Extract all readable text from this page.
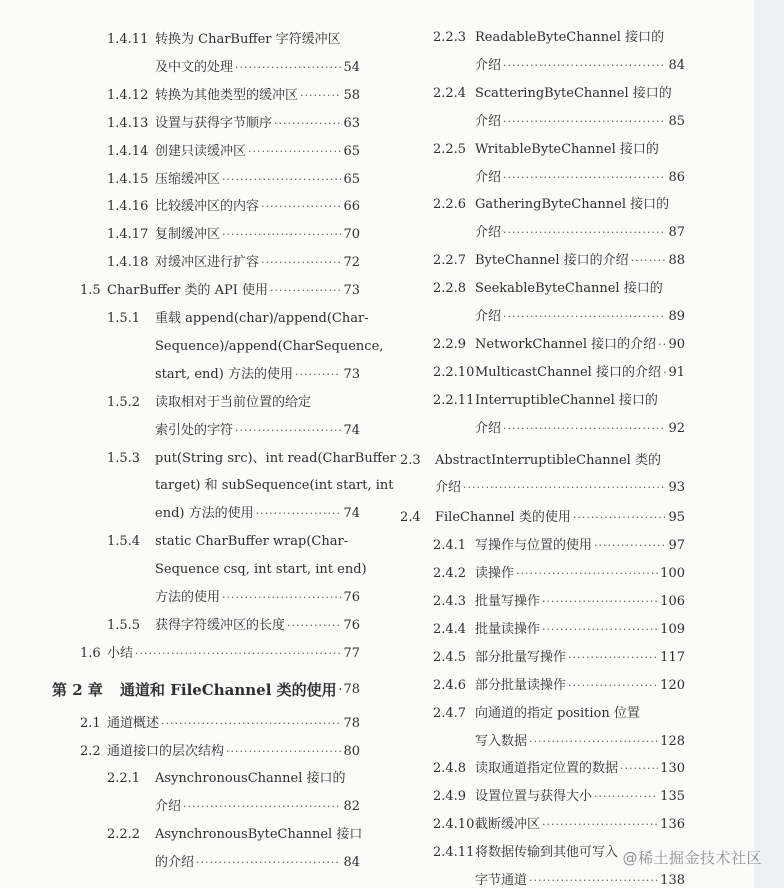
1.4.11 转换为 CharBuffer 字符缓冲区
及中文的处理 ·····	54
1.4.12 转换为其他类型的缓冲区 ·····	58
1.4.13 设置与获得字节顺序 ·····	63
1.4.14 创建只读缓冲区 ·····	65
1.4.15 压缩缓冲区 ·····	65
1.4.16 比较缓冲区的内容 ·····	66
1.4.17 复制缓冲区 ·····	70
1.4.18 对缓冲区进行扩容 ·····	72
1.5 CharBuffer 类的 API 使用 ·····	73
1.5.1 重载 append(char)/append(Char-
Sequence)/append(CharSequence,
start, end) 方法的使用 ·····	73
1.5.2 读取相对于当前位置的给定
索引处的字符 ·····	74
1.5.3 put(String src)、int read(CharBuffer
target) 和 subSequence(int start, int
end) 方法的使用 ·····	74
1.5.4 static CharBuffer wrap(Char-
Sequence csq, int start, int end)
方法的使用 ·····	76
1.5.5 获得字符缓冲区的长度 ·····	76
1.6 小结 ·····	77
第 2 章 通道和 FileChannel 类的使用 ····· 78
2.1 通道概述 ·····	78
2.2 通道接口的层次结构 ·····	80
2.2.1 AsynchronousChannel 接口的
介绍 ·····	82
2.2.2 AsynchronousByteChannel 接口
的介绍 ·····	84
2.2.3 ReadableByteChannel 接口的
介绍 ·····	84
2.2.4 ScatteringByteChannel 接口的
介绍 ·····	85
2.2.5 WritableByteChannel 接口的
介绍 ·····	86
2.2.6 GatheringByteChannel 接口的
介绍 ·····	87
2.2.7 ByteChannel 接口的介绍 ·····	88
2.2.8 SeekableByteChannel 接口的
介绍 ·····	89
2.2.9 NetworkChannel 接口的介绍 ····· 90
2.2.10 MulticastChannel 接口的介绍 ····· 91
2.2.11 InterruptibleChannel 接口的
介绍 ·····	92
2.3 AbstractInterruptibleChannel 类的
介绍 ·····	93
2.4 FileChannel 类的使用 ·····	95
2.4.1 写操作与位置的使用 ·····	97
2.4.2 读操作 ·····	100
2.4.3 批量写操作 ·····	106
2.4.4 批量读操作 ·····	109
2.4.5 部分批量写操作 ·····	117
2.4.6 部分批量读操作 ·····	120
2.4.7 向通道的指定 position 位置
写入数据 ·····	128
2.4.8 读取通道指定位置的数据 ·····	130
2.4.9 设置位置与获得大小 ·····	135
2.4.10 截断缓冲区 ·····	136
2.4.11 将数据传输到其他可写入
字节通道 ·····	138
@稀土掘金技术社区
